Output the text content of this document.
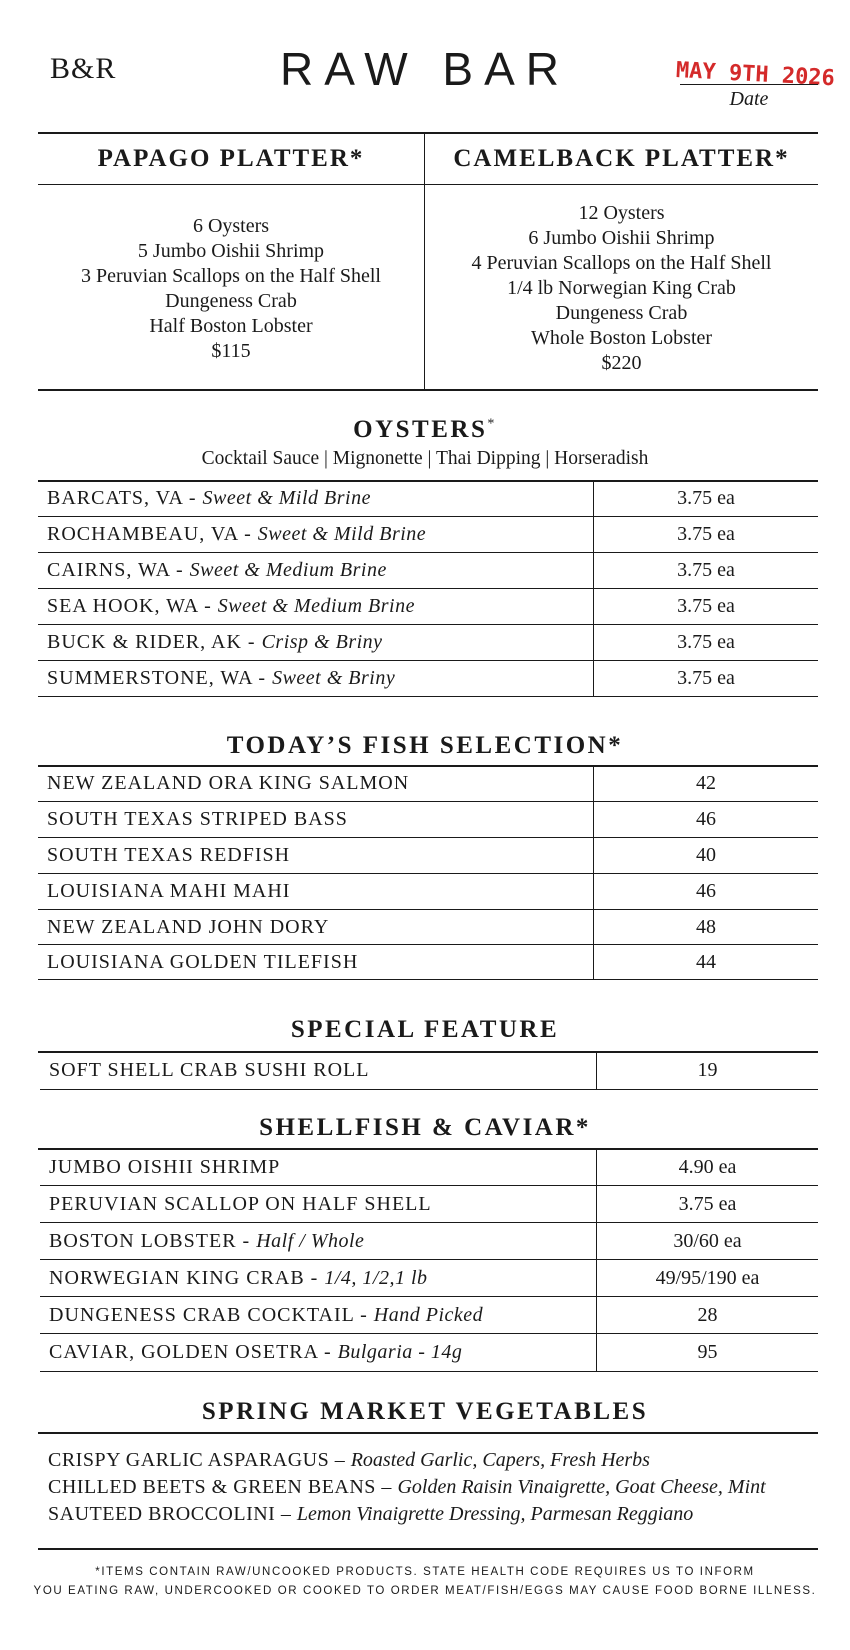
B&R	RAW BAR	MAY 9TH 2026
Date
PAPAGO PLATTER*	CAMELBACK PLATTER*
6 Oysters
5 Jumbo Oishii Shrimp
3 Peruvian Scallops on the Half Shell
Dungeness Crab
Half Boston Lobster
$115
12 Oysters
6 Jumbo Oishii Shrimp
4 Peruvian Scallops on the Half Shell
1/4 lb Norwegian King Crab
Dungeness Crab
Whole Boston Lobster
$220
OYSTERS*
Cocktail Sauce | Mignonette | Thai Dipping | Horseradish
BARCATS, VA - Sweet & Mild Brine	3.75 ea
ROCHAMBEAU, VA - Sweet & Mild Brine	3.75 ea
CAIRNS, WA - Sweet & Medium Brine	3.75 ea
SEA HOOK, WA - Sweet & Medium Brine	3.75 ea
BUCK & RIDER, AK - Crisp & Briny	3.75 ea
SUMMERSTONE, WA - Sweet & Briny	3.75 ea
TODAY’S FISH SELECTION*
NEW ZEALAND ORA KING SALMON	42
SOUTH TEXAS STRIPED BASS	46
SOUTH TEXAS REDFISH	40
LOUISIANA MAHI MAHI	46
NEW ZEALAND JOHN DORY	48
LOUISIANA GOLDEN TILEFISH	44
SPECIAL FEATURE
SOFT SHELL CRAB SUSHI ROLL	19
SHELLFISH & CAVIAR*
JUMBO OISHII SHRIMP	4.90 ea
PERUVIAN SCALLOP ON HALF SHELL	3.75 ea
BOSTON LOBSTER - Half / Whole	30/60 ea
NORWEGIAN KING CRAB - 1/4, 1/2,1 lb	49/95/190 ea
DUNGENESS CRAB COCKTAIL - Hand Picked	28
CAVIAR, GOLDEN OSETRA - Bulgaria - 14g	95
SPRING MARKET VEGETABLES
CRISPY GARLIC ASPARAGUS – Roasted Garlic, Capers, Fresh Herbs
CHILLED BEETS & GREEN BEANS – Golden Raisin Vinaigrette, Goat Cheese, Mint
SAUTEED BROCCOLINI – Lemon Vinaigrette Dressing, Parmesan Reggiano
*ITEMS CONTAIN RAW/UNCOOKED PRODUCTS. STATE HEALTH CODE REQUIRES US TO INFORM
YOU EATING RAW, UNDERCOOKED OR COOKED TO ORDER MEAT/FISH/EGGS MAY CAUSE FOOD BORNE ILLNESS.
